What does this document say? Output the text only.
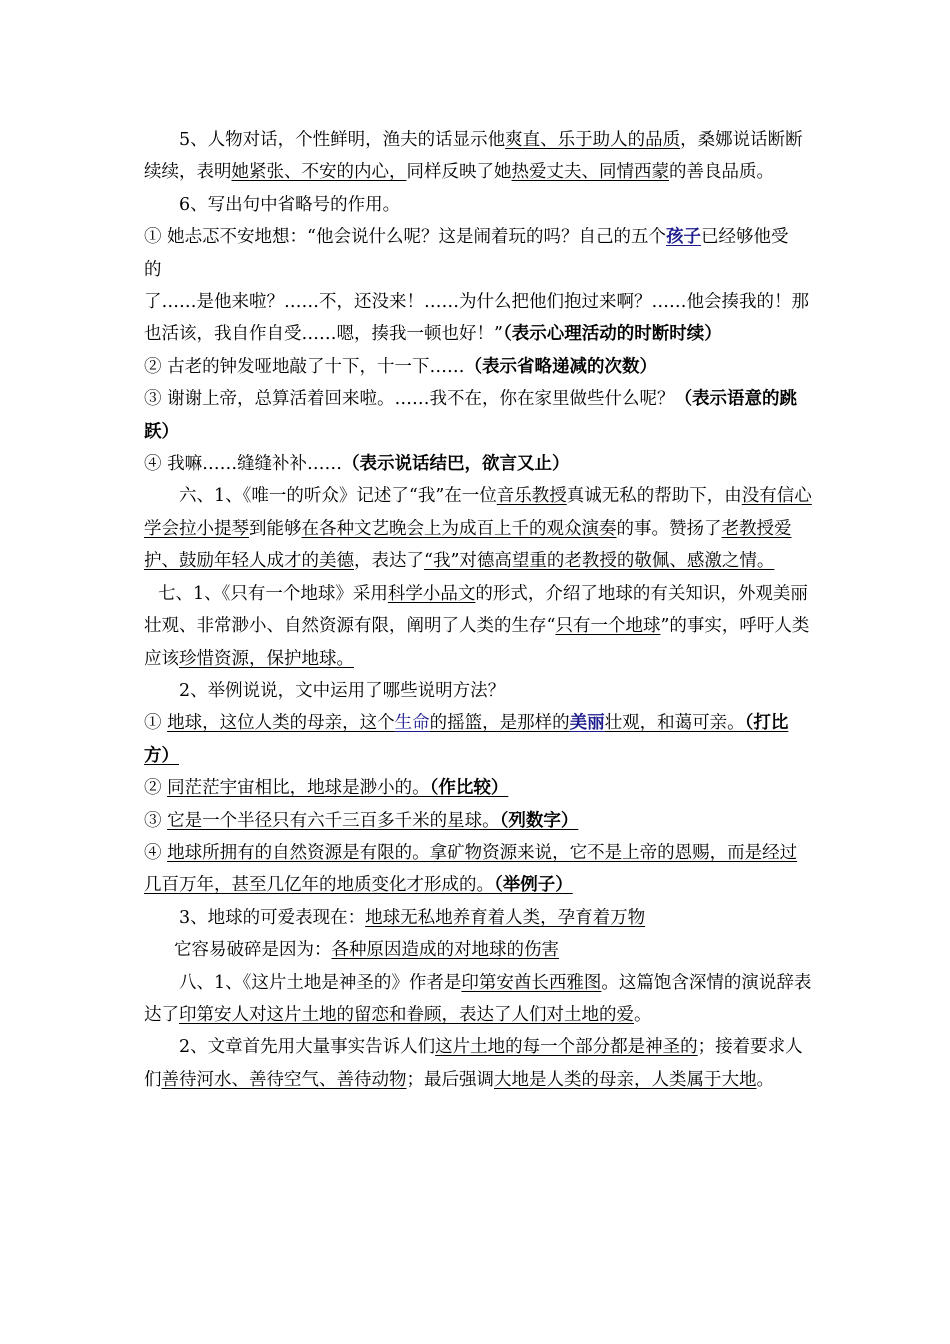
5、人物对话，个性鲜明，渔夫的话显示他爽直、乐于助人的品质，桑娜说话断断续续，表明她紧张、不安的内心，同样反映了她热爱丈夫、同情西蒙的善良品质。

6、写出句中省略号的作用。

① 她忐忑不安地想：“他会说什么呢？这是闹着玩的吗？自己的五个孩子已经够他受的

了……是他来啦？……不，还没来！……为什么把他们抱过来啊？……他会揍我的！那也活该，我自作自受……嗯，揍我一顿也好！”（表示心理活动的时断时续）

② 古老的钟发哑地敲了十下，十一下……（表示省略递减的次数）

③ 谢谢上帝，总算活着回来啦。……我不在，你在家里做些什么呢？（表示语意的跳跃）

④ 我嘛……缝缝补补……（表示说话结巴，欲言又止）

六、1、《唯一的听众》记述了“我”在一位音乐教授真诚无私的帮助下，由没有信心学会拉小提琴到能够在各种文艺晚会上为成百上千的观众演奏的事。赞扬了老教授爱护、鼓励年轻人成才的美德，表达了“我”对德高望重的老教授的敬佩、感激之情。

七、1、《只有一个地球》采用科学小品文的形式，介绍了地球的有关知识，外观美丽壮观、非常渺小、自然资源有限，阐明了人类的生存“只有一个地球”的事实，呼吁人类应该珍惜资源，保护地球。

2、举例说说，文中运用了哪些说明方法？

① 地球，这位人类的母亲，这个生命的摇篮，是那样的美丽壮观，和蔼可亲。（打比方）

② 同茫茫宇宙相比，地球是渺小的。（作比较）

③ 它是一个半径只有六千三百多千米的星球。（列数字）

④ 地球所拥有的自然资源是有限的。拿矿物资源来说，它不是上帝的恩赐，而是经过几百万年，甚至几亿年的地质变化才形成的。（举例子）

3、地球的可爱表现在：地球无私地养育着人类，孕育着万物

它容易破碎是因为：各种原因造成的对地球的伤害

八、1、《这片土地是神圣的》作者是印第安酋长西雅图。这篇饱含深情的演说辞表达了印第安人对这片土地的留恋和眷顾，表达了人们对土地的爱。

2、文章首先用大量事实告诉人们这片土地的每一个部分都是神圣的；接着要求人们善待河水、善待空气、善待动物；最后强调大地是人类的母亲，人类属于大地。
